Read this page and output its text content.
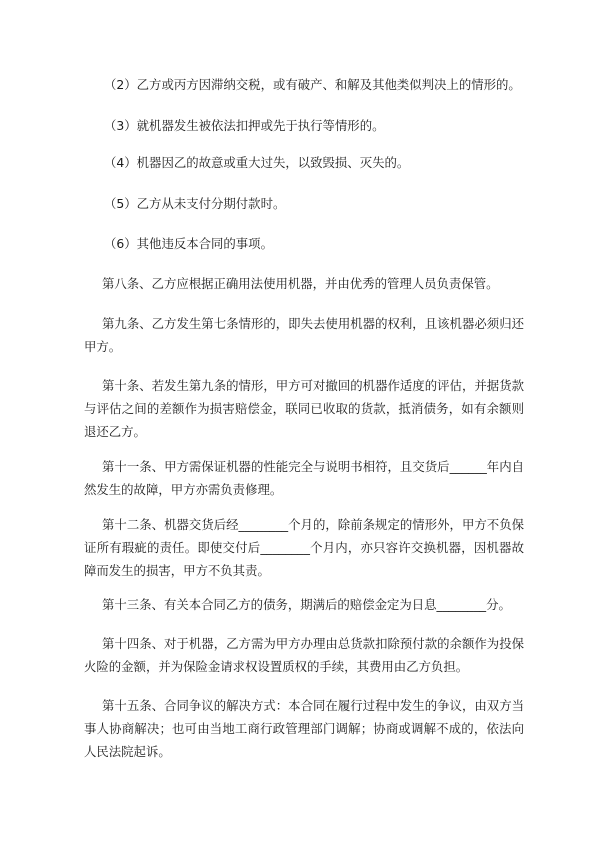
（2）乙方或丙方因滞纳交税，或有破产、和解及其他类似判决上的情形的。

（3）就机器发生被依法扣押或先于执行等情形的。

（4）机器因乙的故意或重大过失，以致毁损、灭失的。

（5）乙方从未支付分期付款时。

（6）其他违反本合同的事项。

第八条、乙方应根据正确用法使用机器，并由优秀的管理人员负责保管。

第九条、乙方发生第七条情形的，即失去使用机器的权利，且该机器必须归还甲方。

第十条、若发生第九条的情形，甲方可对撤回的机器作适度的评估，并据货款与评估之间的差额作为损害赔偿金，联同已收取的货款，抵消债务，如有余额则退还乙方。

第十一条、甲方需保证机器的性能完全与说明书相符，且交货后______年内自然发生的故障，甲方亦需负责修理。

第十二条、机器交货后经________个月的，除前条规定的情形外，甲方不负保证所有瑕疵的责任。即使交付后________个月内，亦只容许交换机器，因机器故障而发生的损害，甲方不负其责。

第十三条、有关本合同乙方的债务，期满后的赔偿金定为日息________分。

第十四条、对于机器，乙方需为甲方办理由总货款扣除预付款的余额作为投保火险的金额，并为保险金请求权设置质权的手续，其费用由乙方负担。

第十五条、合同争议的解决方式：本合同在履行过程中发生的争议，由双方当事人协商解决；也可由当地工商行政管理部门调解；协商或调解不成的，依法向人民法院起诉。
